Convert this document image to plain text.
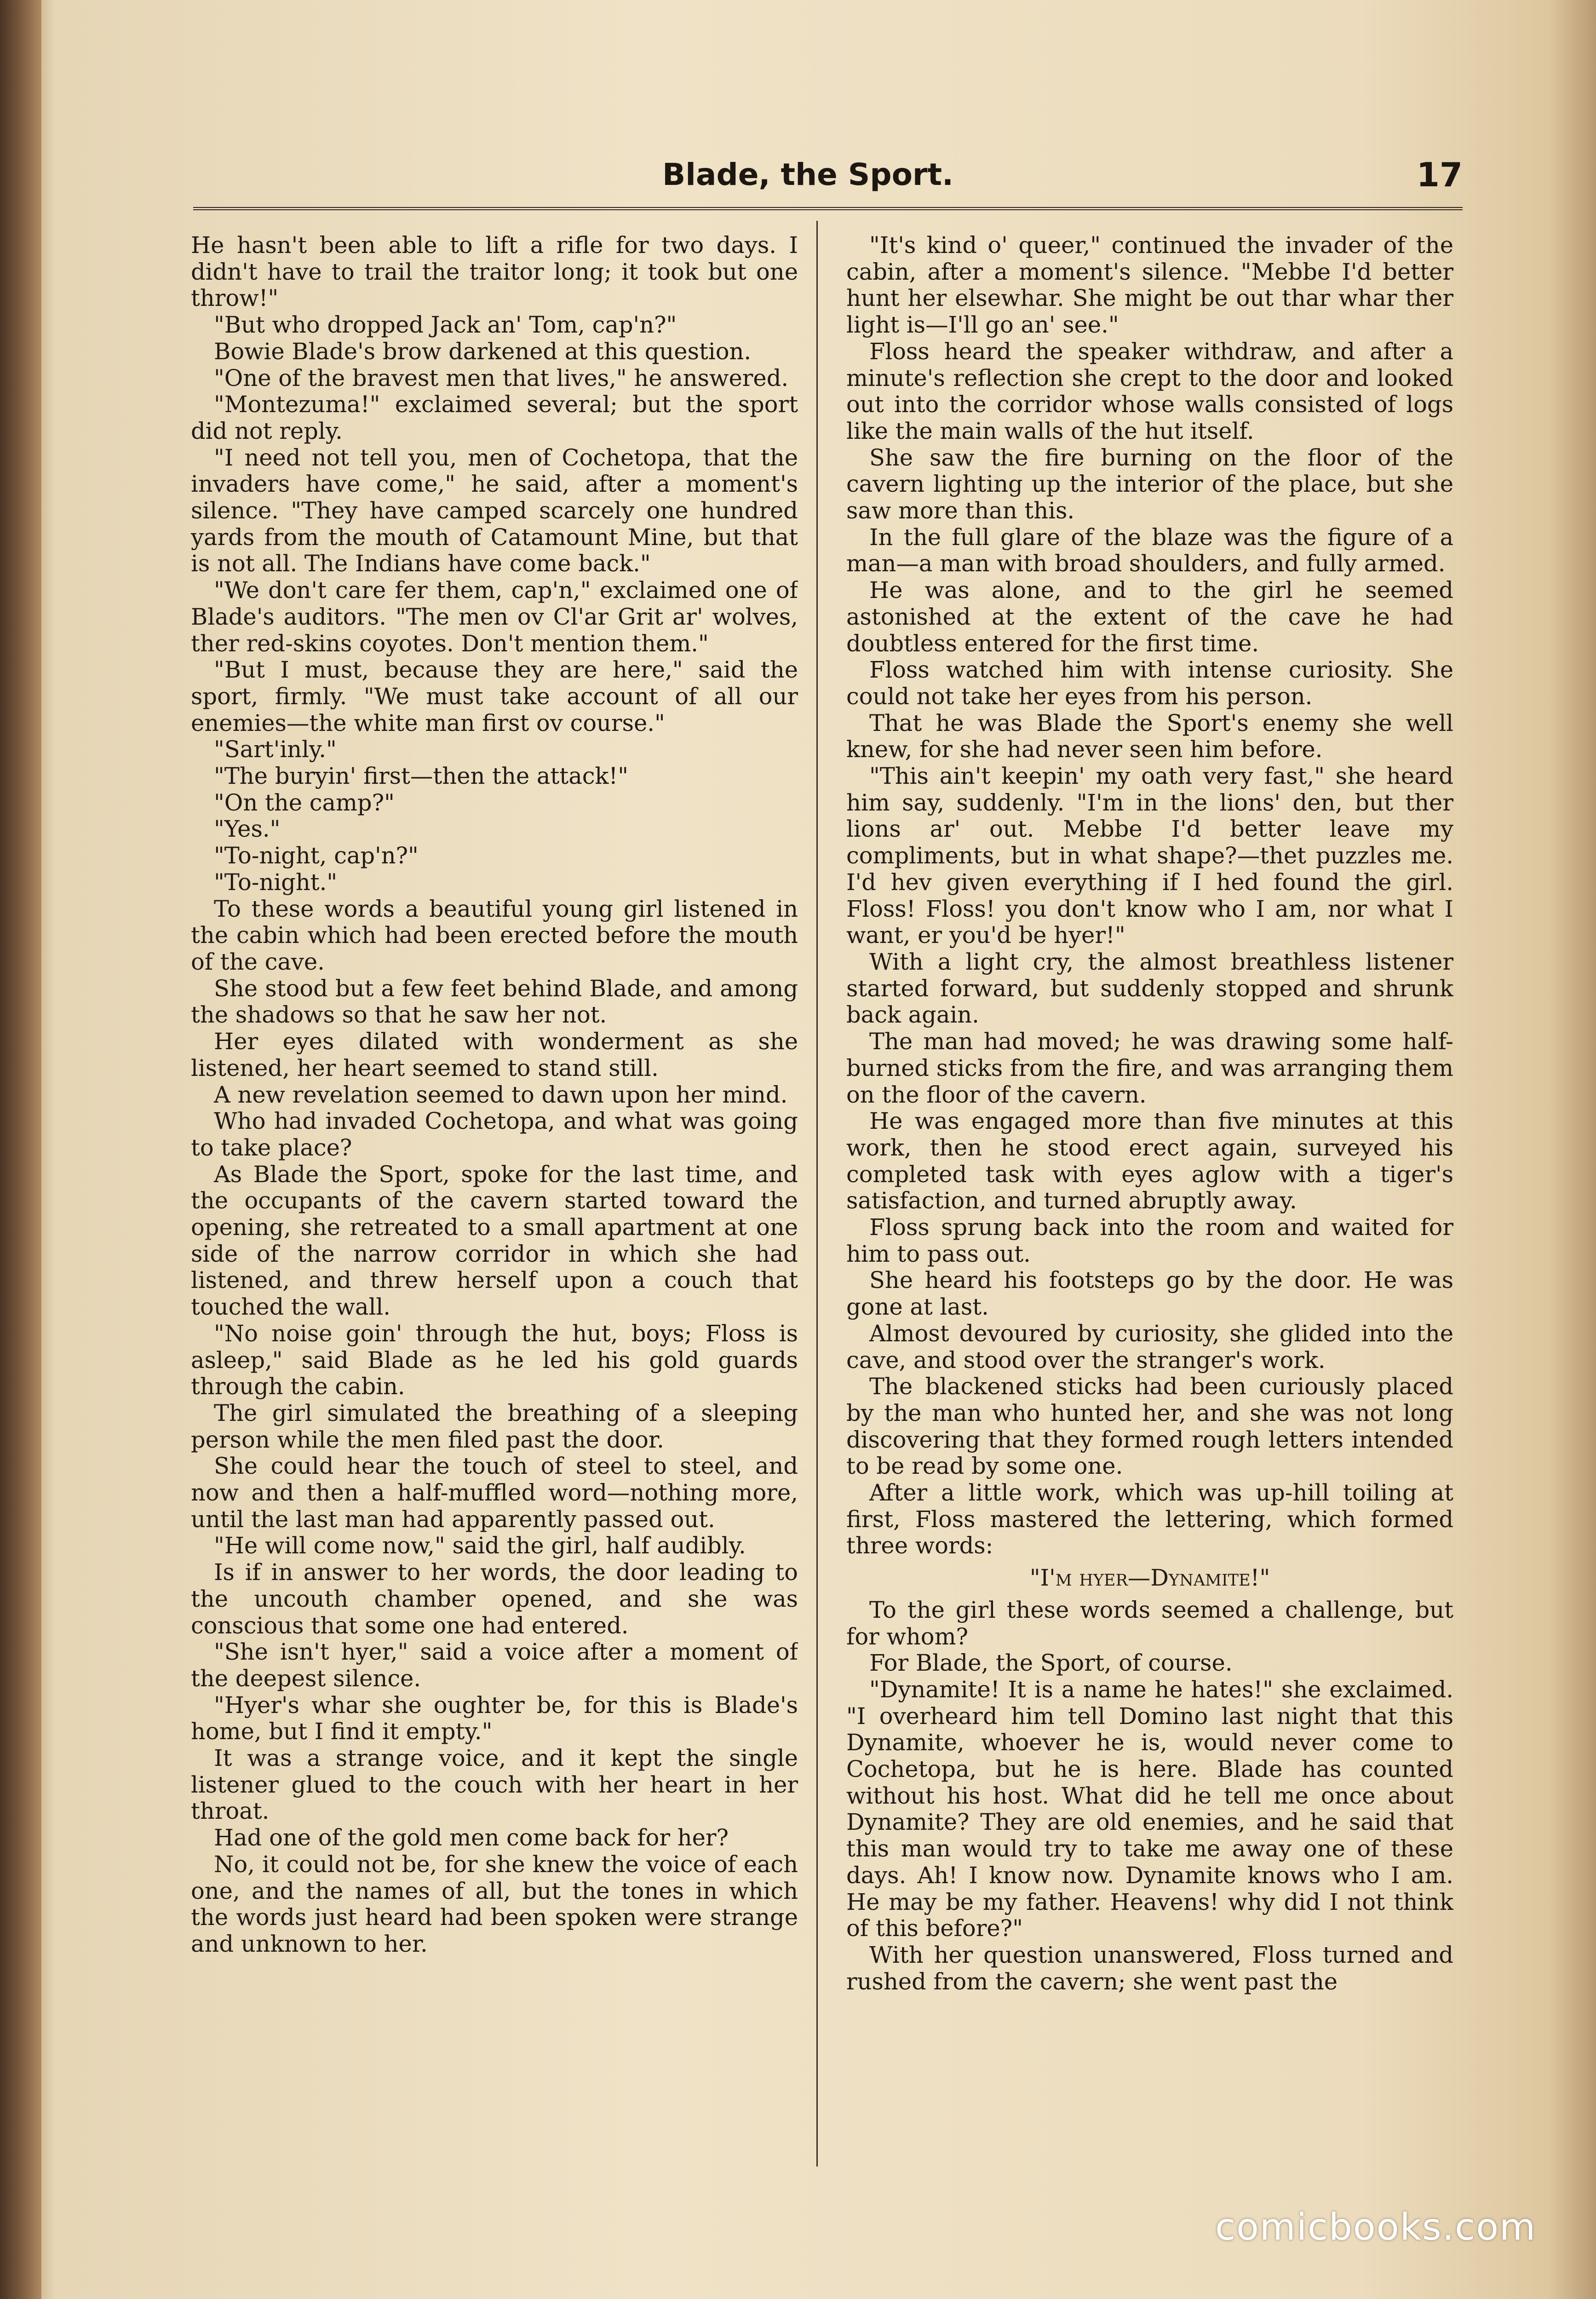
Blade, the Sport.	17

He hasn't been able to lift a rifle for two days. I didn't have to trail the traitor long; it took but one throw!"

"But who dropped Jack an' Tom, cap'n?"

Bowie Blade's brow darkened at this question.

"One of the bravest men that lives," he answered.

"Montezuma!" exclaimed several; but the sport did not reply.

"I need not tell you, men of Cochetopa, that the invaders have come," he said, after a moment's silence. "They have camped scarcely one hundred yards from the mouth of Catamount Mine, but that is not all. The Indians have come back."

"We don't care fer them, cap'n," exclaimed one of Blade's auditors. "The men ov Cl'ar Grit ar' wolves, ther red-skins coyotes. Don't mention them."

"But I must, because they are here," said the sport, firmly. "We must take account of all our enemies—the white man first ov course."

"Sart'inly."

"The buryin' first—then the attack!"

"On the camp?"

"Yes."

"To-night, cap'n?"

"To-night."

To these words a beautiful young girl listened in the cabin which had been erected before the mouth of the cave.

She stood but a few feet behind Blade, and among the shadows so that he saw her not.

Her eyes dilated with wonderment as she listened, her heart seemed to stand still.

A new revelation seemed to dawn upon her mind.

Who had invaded Cochetopa, and what was going to take place?

As Blade the Sport, spoke for the last time, and the occupants of the cavern started toward the opening, she retreated to a small apartment at one side of the narrow corridor in which she had listened, and threw herself upon a couch that touched the wall.

"No noise goin' through the hut, boys; Floss is asleep," said Blade as he led his gold guards through the cabin.

The girl simulated the breathing of a sleeping person while the men filed past the door.

She could hear the touch of steel to steel, and now and then a half-muffled word—nothing more, until the last man had apparently passed out.

"He will come now," said the girl, half audibly.

Is if in answer to her words, the door leading to the uncouth chamber opened, and she was conscious that some one had entered.

"She isn't hyer," said a voice after a moment of the deepest silence.

"Hyer's whar she oughter be, for this is Blade's home, but I find it empty."

It was a strange voice, and it kept the single listener glued to the couch with her heart in her throat.

Had one of the gold men come back for her?

No, it could not be, for she knew the voice of each one, and the names of all, but the tones in which the words just heard had been spoken were strange and unknown to her.

"It's kind o' queer," continued the invader of the cabin, after a moment's silence. "Mebbe I'd better hunt her elsewhar. She might be out thar whar ther light is—I'll go an' see."

Floss heard the speaker withdraw, and after a minute's reflection she crept to the door and looked out into the corridor whose walls consisted of logs like the main walls of the hut itself.

She saw the fire burning on the floor of the cavern lighting up the interior of the place, but she saw more than this.

In the full glare of the blaze was the figure of a man—a man with broad shoulders, and fully armed.

He was alone, and to the girl he seemed astonished at the extent of the cave he had doubtless entered for the first time.

Floss watched him with intense curiosity. She could not take her eyes from his person.

That he was Blade the Sport's enemy she well knew, for she had never seen him before.

"This ain't keepin' my oath very fast," she heard him say, suddenly. "I'm in the lions' den, but ther lions ar' out. Mebbe I'd better leave my compliments, but in what shape?—thet puzzles me. I'd hev given everything if I hed found the girl. Floss! Floss! you don't know who I am, nor what I want, er you'd be hyer!"

With a light cry, the almost breathless listener started forward, but suddenly stopped and shrunk back again.

The man had moved; he was drawing some half-burned sticks from the fire, and was arranging them on the floor of the cavern.

He was engaged more than five minutes at this work, then he stood erect again, surveyed his completed task with eyes aglow with a tiger's satisfaction, and turned abruptly away.

Floss sprung back into the room and waited for him to pass out.

She heard his footsteps go by the door. He was gone at last.

Almost devoured by curiosity, she glided into the cave, and stood over the stranger's work.

The blackened sticks had been curiously placed by the man who hunted her, and she was not long discovering that they formed rough letters intended to be read by some one.

After a little work, which was up-hill toiling at first, Floss mastered the lettering, which formed three words:

"I'm hyer—Dynamite!"

To the girl these words seemed a challenge, but for whom?

For Blade, the Sport, of course.

"Dynamite! It is a name he hates!" she exclaimed. "I overheard him tell Domino last night that this Dynamite, whoever he is, would never come to Cochetopa, but he is here. Blade has counted without his host. What did he tell me once about Dynamite? They are old enemies, and he said that this man would try to take me away one of these days. Ah! I know now. Dynamite knows who I am. He may be my father. Heavens! why did I not think of this before?"

With her question unanswered, Floss turned and rushed from the cavern; she went past the

comicbooks.com
